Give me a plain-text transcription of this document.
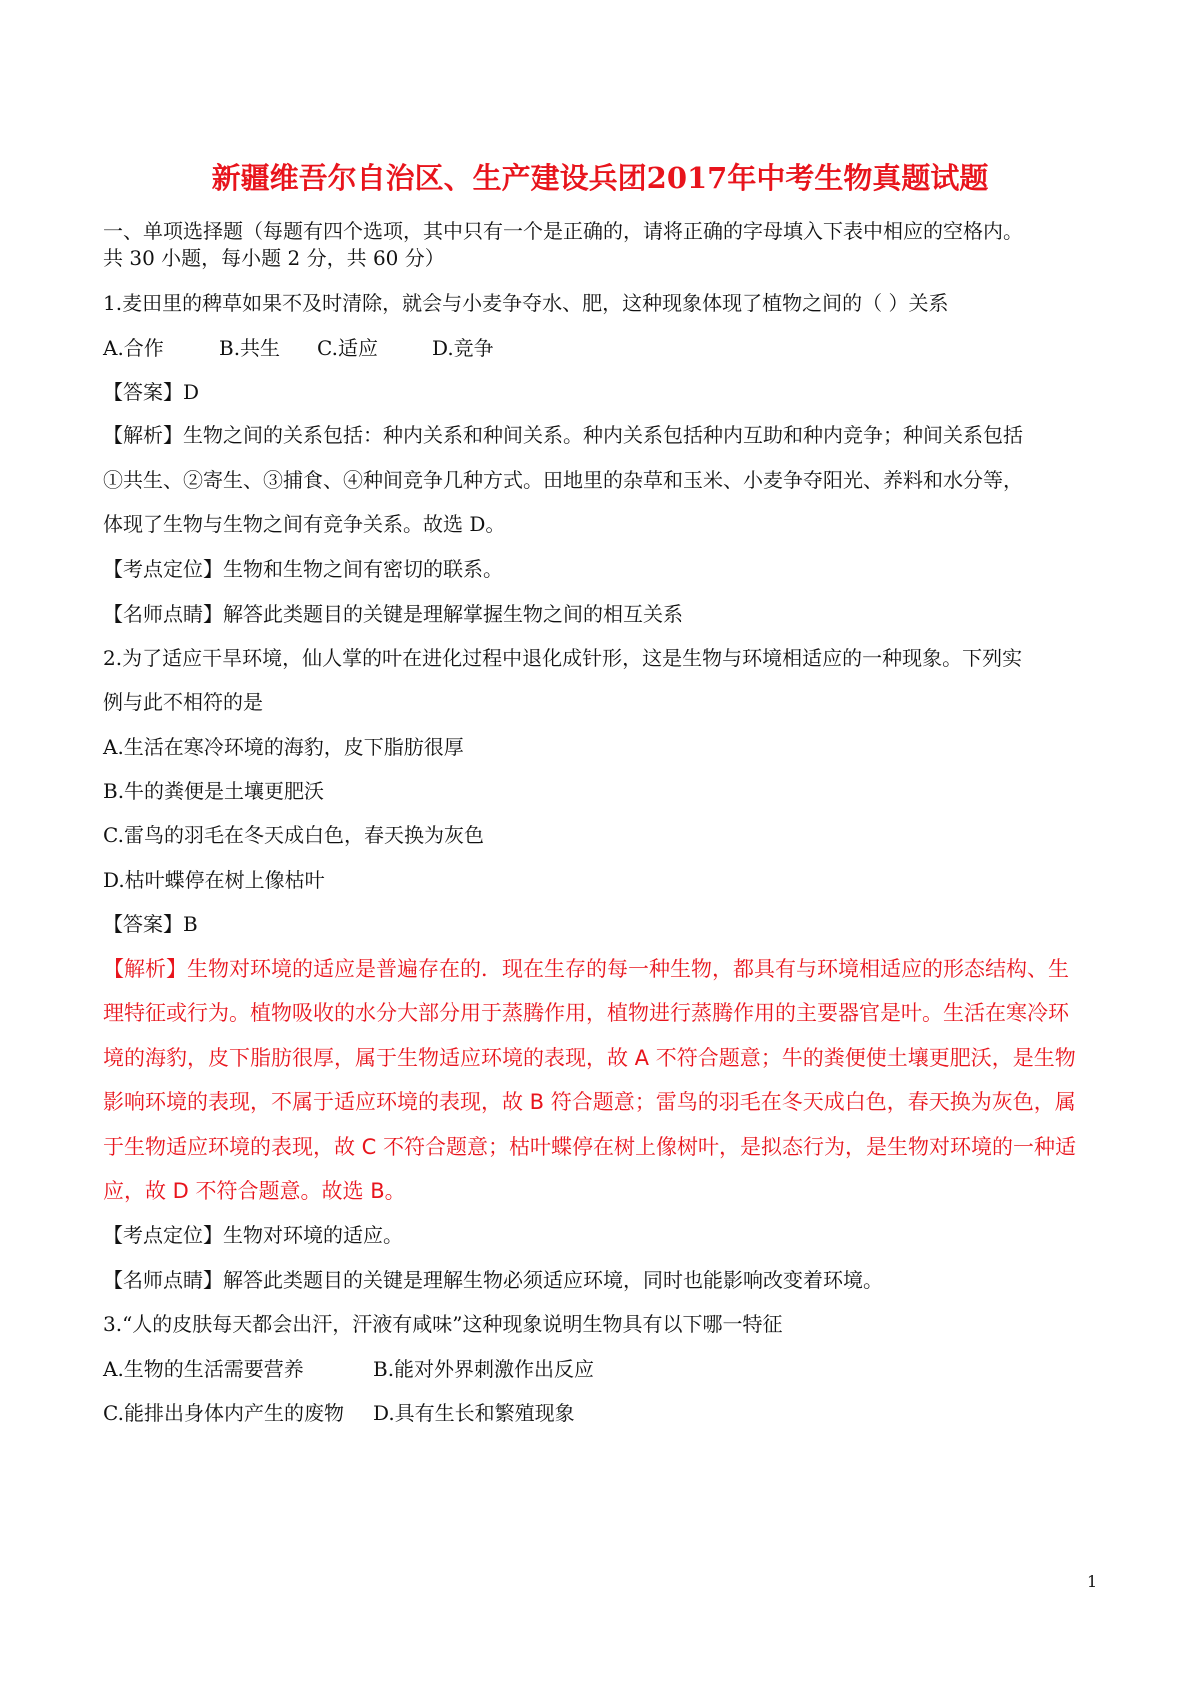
新疆维吾尔自治区、生产建设兵团2017年中考生物真题试题
一、单项选择题（每题有四个选项，其中只有一个是正确的，请将正确的字母填入下表中相应的空格内。
共 30 小题，每小题 2 分，共 60 分）
1.麦田里的稗草如果不及时清除，就会与小麦争夺水、肥，这种现象体现了植物之间的（ ）关系
A.合作	B.共生 C.适应	D.竞争
【答案】D
【解析】生物之间的关系包括：种内关系和种间关系。种内关系包括种内互助和种内竞争；种间关系包括
①共生、②寄生、③捕食、④种间竞争几种方式。田地里的杂草和玉米、小麦争夺阳光、养料和水分等，
体现了生物与生物之间有竞争关系。故选 D。
【考点定位】生物和生物之间有密切的联系。
【名师点睛】解答此类题目的关键是理解掌握生物之间的相互关系
2.为了适应干旱环境，仙人掌的叶在进化过程中退化成针形，这是生物与环境相适应的一种现象。下列实
例与此不相符的是
A.生活在寒冷环境的海豹，皮下脂肪很厚
B.牛的粪便是土壤更肥沃
C.雷鸟的羽毛在冬天成白色，春天换为灰色
D.枯叶蝶停在树上像枯叶
【答案】B
【解析】生物对环境的适应是普遍存在的．现在生存的每一种生物，都具有与环境相适应的形态结构、生
理特征或行为。植物吸收的水分大部分用于蒸腾作用，植物进行蒸腾作用的主要器官是叶。生活在寒冷环
境的海豹，皮下脂肪很厚，属于生物适应环境的表现，故 A 不符合题意；牛的粪便使土壤更肥沃，是生物
影响环境的表现，不属于适应环境的表现，故 B 符合题意；雷鸟的羽毛在冬天成白色，春天换为灰色，属
于生物适应环境的表现，故 C 不符合题意；枯叶蝶停在树上像树叶，是拟态行为，是生物对环境的一种适
应，故 D 不符合题意。故选 B。
【考点定位】生物对环境的适应。
【名师点睛】解答此类题目的关键是理解生物必须适应环境，同时也能影响改变着环境。
3.“人的皮肤每天都会出汗，汗液有咸味”这种现象说明生物具有以下哪一特征
A.生物的生活需要营养	B.能对外界刺激作出反应
C.能排出身体内产生的废物 D.具有生长和繁殖现象
1
